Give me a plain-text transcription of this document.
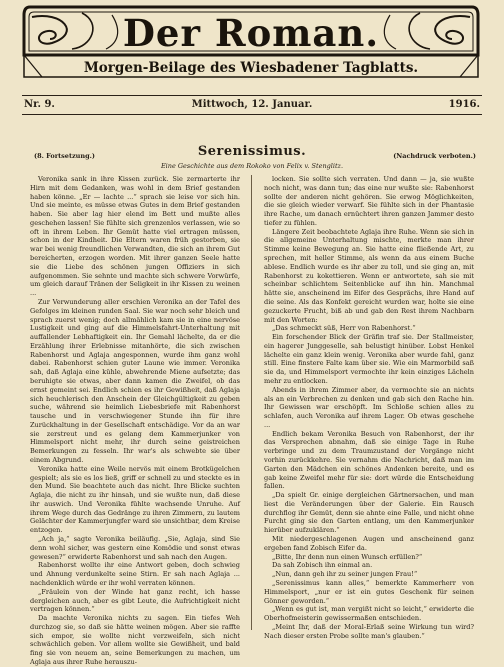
Der Roman.
Morgen-Beilage des Wiesbadener Tagblatts.
Nr. 9.	Mittwoch, 12. Januar.	1916.
(8. Fortsetzung.)	Serenissimus.	(Nachdruck verboten.)
Eine Geschichte aus dem Rokoko von Felix v. Stenglitz.

Veronika sank in ihre Kissen zurück. Sie zermarterte ihr Hirn mit dem Gedanken, was wohl in dem Brief gestanden haben könne. „Er — lachte ...“ sprach sie leise vor sich hin. Und sie meinte, es müsse etwas Gutes in dem Brief gestanden haben. Sie aber lag hier elend im Bett und mußte alles geschehen lassen! Sie fühlte sich grenzenlos verlassen, wie so oft in ihrem Leben. Ihr Gemüt hatte viel ertragen müssen, schon in der Kindheit. Die Eltern waren früh gestorben, sie war bei wenig freundlichen Verwandten, die sich an ihrem Gut bereicherten, erzogen worden. Mit ihrer ganzen Seele hatte sie die Liebe des schönen jungen Offiziers in sich aufgenommen. Sie sehnte und machte sich schwere Vorwürfe, um gleich darauf Tränen der Seligkeit in ihr Kissen zu weinen ...

Zur Verwunderung aller erschien Veronika an der Tafel des Gefolges im kleinen runden Saal. Sie war noch sehr bleich und sprach zuerst wenig; doch allmählich kam sie in eine nervöse Lustigkeit und ging auf die Himmelsfahrt-Unterhaltung mit auffallender Lebhaftigkeit ein. Ihr Gemahl lächelte, da er die Erzählung ihrer Erlebnisse mitanhörte, die sich zwischen Rabenhorst und Aglaja angesponnen, wurde ihm ganz wohl dabei. Rabenhorst schien guter Laune wie immer. Veronika sah, daß Aglaja eine kühle, abwehrende Miene aufsetzte; das beruhigte sie etwas, aber dann kamen die Zweifel, ob das ernst gemeint sei. Endlich schien es ihr Gewißheit, daß Aglaja sich heuchlerisch den Anschein der Gleichgültigkeit zu geben suche, während sie heimlich Liebesbriefe mit Rabenhorst tausche und in verschwiegener Stunde ihn für ihre Zurückhaltung in der Gesellschaft entschädige. Vor da an war sie zerstreut und es gelang dem Kammerjunker von Himmelsport nicht mehr, ihr durch seine geistreichen Bemerkungen zu fesseln. Ihr war's als schwebte sie über einem Abgrund.

Veronika hatte eine Weile nervös mit einem Brotkügelchen gespielt; als sie es los ließ, griff er schnell zu und steckte es in den Mund. Sie beachtete auch das nicht. Ihre Blicke suchten Aglaja, die nicht zu ihr hinsah, und sie wußte nun, daß diese ihr auswich. Und Veronika fühlte wachsende Unruhe. Auf ihrem Wege durch das Gedränge zu ihren Zimmern, zu lautem Gelächter der Kammerjungfer ward sie unsichtbar, dem Kreise entzogen.

„Ach ja,“ sagte Veronika beiläufig. „Sie, Aglaja, sind Sie denn wohl sicher, was gestern eine Komödie und sonst etwas gewesen?“ erwiderte Rabenhorst und sah nach den Augen.

Rabenhorst wollte ihr eine Antwort geben, doch schwieg und Ahnung verdunkelte seine Stirn. Er sah nach Aglaja ... nachdenklich würde er ihr wohl verraten können.

„Fräulein von der Winde hat ganz recht, ich hasse dergleichen auch, aber es gibt Leute, die Aufrichtigkeit nicht vertragen können.“

Da machte Veronika nichts zu sagen. Ein tiefes Weh durchzog sie, so daß sie hätte weinen mögen. Aber sie raffte sich empor, sie wollte nicht verzweifeln, sich nicht schwächlich geben. Vor allem wollte sie Gewißheit, und bald fing sie von neuem an, seine Bemerkungen zu machen, um Aglaja aus ihrer Ruhe herauszu-

locken. Sie sollte sich verraten. Und dann — ja, sie wußte noch nicht, was dann tun; das eine nur wußte sie: Rabenhorst sollte der anderen nicht gehören. Sie erwog Möglichkeiten, die sie gleich wieder verwarf. Sie fühlte sich in der Phantasie ihre Rache, um danach ernüchtert ihren ganzen Jammer desto tiefer zu fühlen.

Längere Zeit beobachtete Aglaja ihre Ruhe. Wenn sie sich in die allgemeine Unterhaltung mischte, merkte man ihrer Stimme keine Bewegung an. Sie hatte eine fließende Art, zu sprechen, mit heller Stimme, als wenn da aus einem Buche ablese. Endlich wurde es ihr aber zu toll, und sie ging an, mit Rabenhorst zu kokettieren. Wenn er antwortete, sah sie mit scheinbar schlichtem Seitenblicke auf ihn hin. Manchmal hätte sie, anscheinend im Eifer des Gesprächs, ihre Hand auf die seine. Als das Konfekt gereicht wurden war, holte sie eine gezuckerte Frucht, biß ab und gab den Rest ihrem Nachbarn mit den Worten:

„Das schmeckt süß, Herr von Rabenhorst.“

Ein forschender Blick der Gräfin traf sie. Der Stallmeister, ein hagerer Junggeselle, sah belustigt hinüber. Lobst Henkel lächelte ein ganz klein wenig. Veronika aber wurde fahl, ganz still. Eine finstere Falte kam über sie. Wie ein Marmorbild saß sie da, und Himmelsport vermochte ihr kein einziges Lächeln mehr zu entlocken.

Abends in ihrem Zimmer aber, da vermochte sie an nichts als an ein Verbrechen zu denken und gab sich den Rache hin. Ihr Gewissen war erschöpft. Im Schloße schien alles zu schlafen, auch Veronika auf ihrem Lager. Ob etwas geschehe ...

Endlich bekam Veronika Besuch von Rabenhorst, der ihr das Versprechen abnahm, daß sie einige Tage in Ruhe verbringe und zu dem Traumzustand der Vorgänge nicht vorhin zurückkehre. Sie vernahm die Nachricht, daß man im Garten den Mädchen ein schönes Andenken bereite, und es gab keine Zweifel mehr für sie: dort würde die Entscheidung fallen.

„Da spielt Gr. einige dergleichen Gärtnersachen, und man liest die Veränderungen über der Galerie. Ein Rausch durchflog ihr Gemüt, denn sie ahnte eine Falle, und nicht ohne Furcht ging sie den Garten entlang, um den Kammerjunker hierüber aufzuklären.“

Mit niedergeschlagenen Augen und anscheinend ganz ergeben fand Zobisch Eifer da.

„Bitte, Ihr denn nun einen Wunsch erfüllen?“

Da sah Zobisch ihn einmal an.

„Nun, dann geh ihr zu seiner jungen Frau!“

„Serenissimus kann alles,“ bemerkte Kammerherr von Himmelsport, „nur er ist ein gutes Geschenk für seinen Gönner geworden.“

„Wenn es gut ist, man vergißt nicht so leicht,“ erwiderte die Oberhofmeisterin gewissermaßen entschieden.

„Meint Ihr, daß der Moral-Erlaß seine Wirkung tun wird? Nach dieser ersten Probe sollte man's glauben.“
